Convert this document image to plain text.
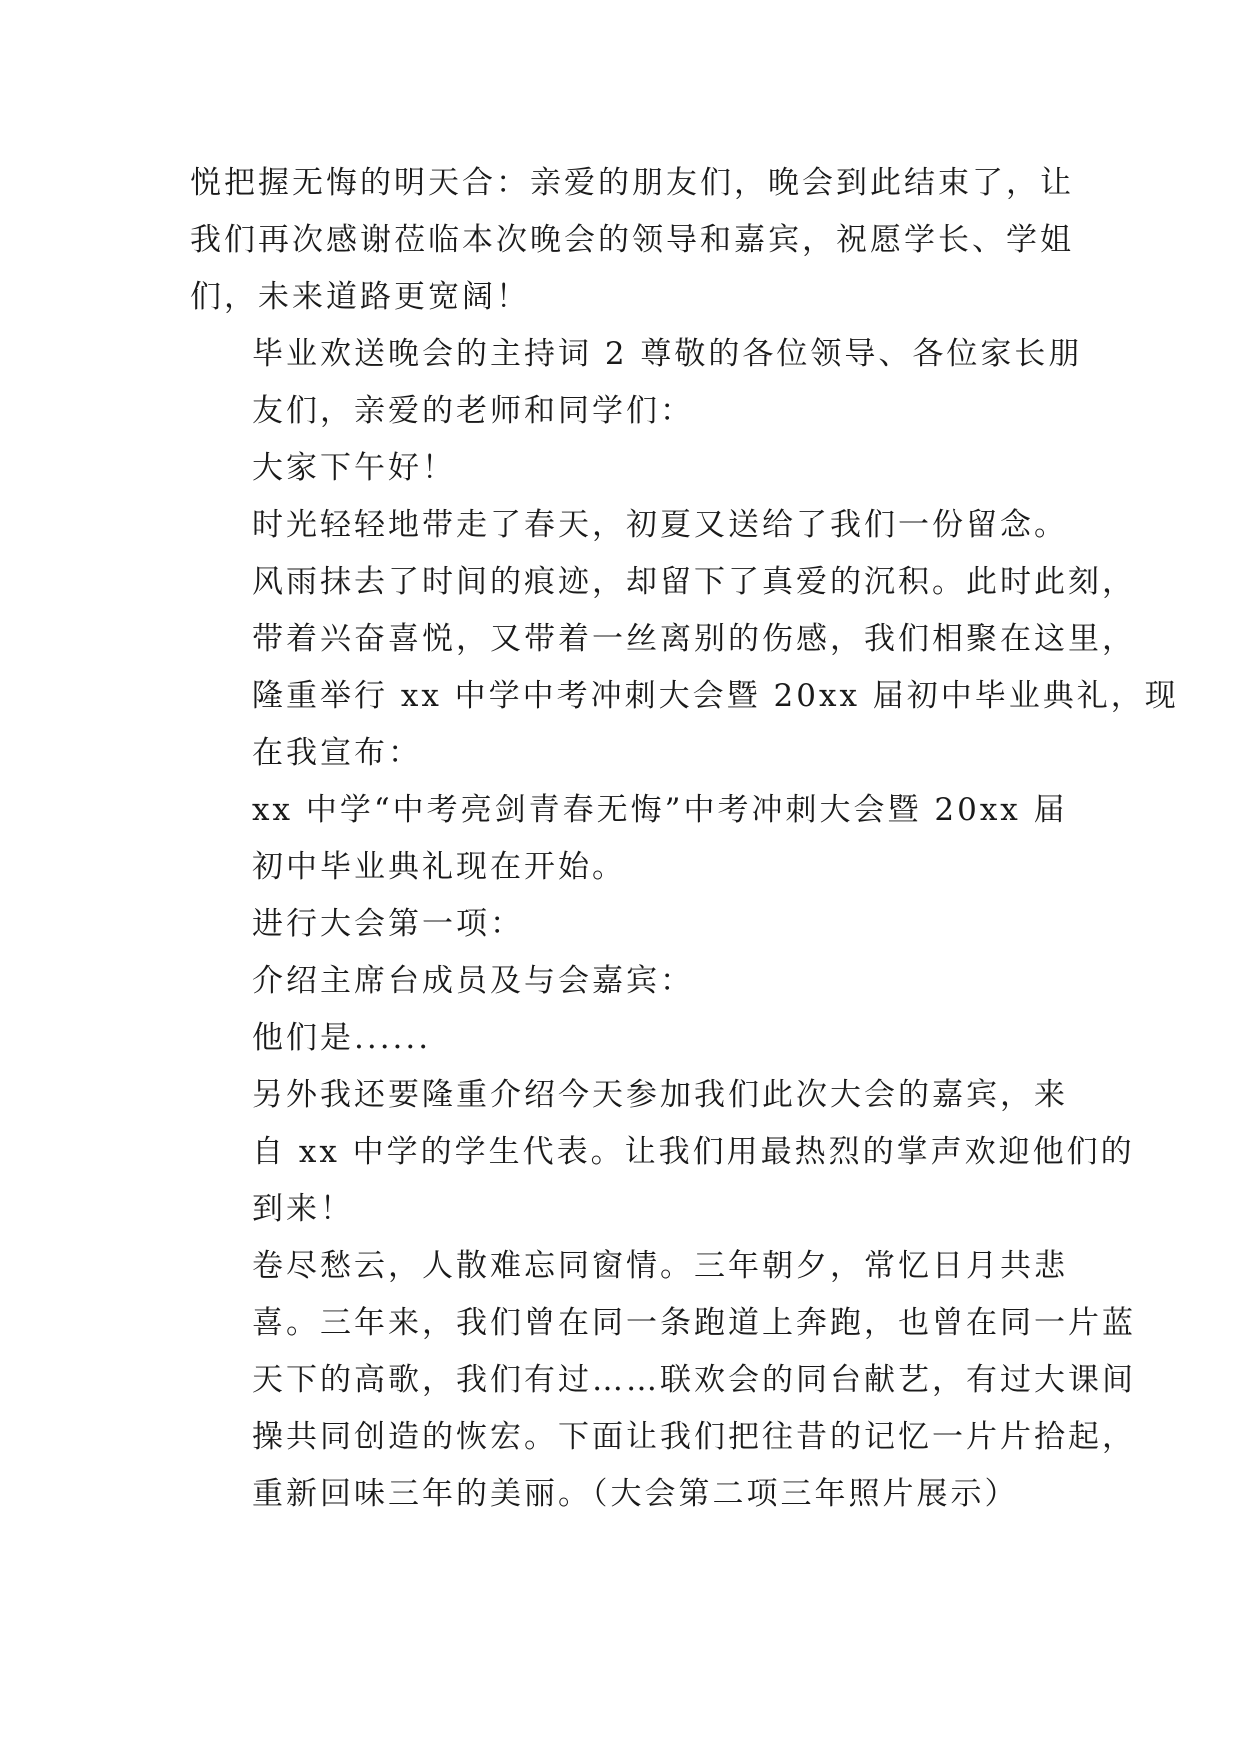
悦把握无悔的明天合：亲爱的朋友们，晚会到此结束了，让
我们再次感谢莅临本次晚会的领导和嘉宾，祝愿学长、学姐
们，未来道路更宽阔！

毕业欢送晚会的主持词 2 尊敬的各位领导、各位家长朋
友们，亲爱的老师和同学们：

大家下午好！

时光轻轻地带走了春天，初夏又送给了我们一份留念。
风雨抹去了时间的痕迹，却留下了真爱的沉积。此时此刻，
带着兴奋喜悦，又带着一丝离别的伤感，我们相聚在这里，
隆重举行 xx 中学中考冲刺大会暨 20xx 届初中毕业典礼，现
在我宣布：

xx 中学“中考亮剑青春无悔”中考冲刺大会暨 20xx 届
初中毕业典礼现在开始。

进行大会第一项：

介绍主席台成员及与会嘉宾：

他们是......

另外我还要隆重介绍今天参加我们此次大会的嘉宾，来
自 xx 中学的学生代表。让我们用最热烈的掌声欢迎他们的
到来！

卷尽愁云，人散难忘同窗情。三年朝夕，常忆日月共悲
喜。三年来，我们曾在同一条跑道上奔跑，也曾在同一片蓝
天下的高歌，我们有过……联欢会的同台献艺，有过大课间
操共同创造的恢宏。下面让我们把往昔的记忆一片片拾起，
重新回味三年的美丽。（大会第二项三年照片展示）
